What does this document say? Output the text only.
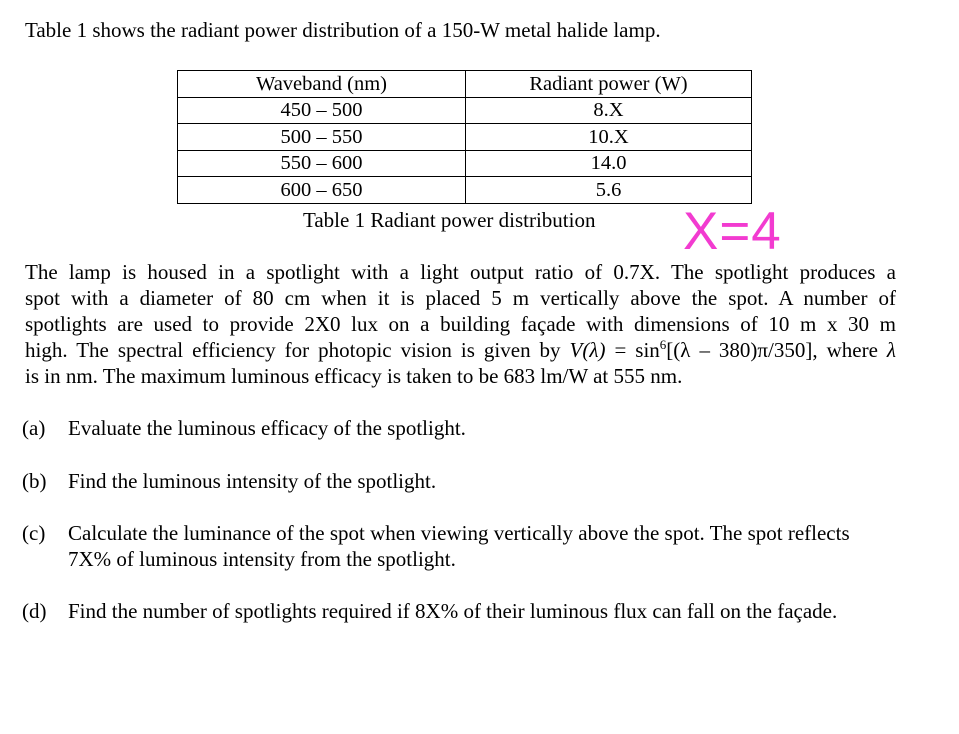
Table 1 shows the radiant power distribution of a 150-W metal halide lamp.
Waveband (nm)	Radiant power (W)
450 – 500	8.X
500 – 550	10.X
550 – 600	14.0
600 – 650	5.6
Table 1 Radiant power distribution X=4
The lamp is housed in a spotlight with a light output ratio of 0.7X. The spotlight produces a
spot with a diameter of 80 cm when it is placed 5 m vertically above the spot. A number of
spotlights are used to provide 2X0 lux on a building façade with dimensions of 10 m x 30 m
high. The spectral efficiency for photopic vision is given by $V(\lambda) = \sin^6[(\lambda - 380)\pi/350]$, where λ
is in nm. The maximum luminous efficacy is taken to be 683 lm/W at 555 nm.
(a) Evaluate the luminous efficacy of the spotlight.
(b) Find the luminous intensity of the spotlight.
(c) Calculate the luminance of the spot when viewing vertically above the spot. The spot reflects
7X% of luminous intensity from the spotlight.
(d) Find the number of spotlights required if 8X% of their luminous flux can fall on the façade.
